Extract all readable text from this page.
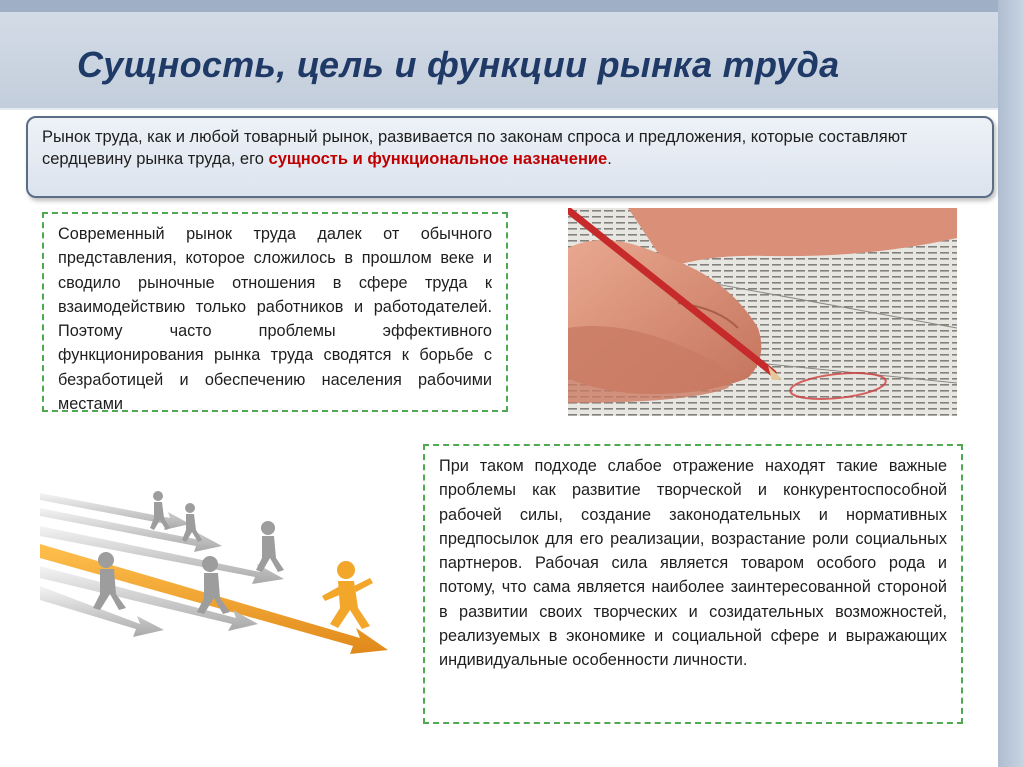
Сущность, цель и функции рынка труда
Рынок труда, как и любой товарный рынок, развивается по законам спроса и предложения, которые составляют сердцевину рынка труда, его сущность и функциональное назначение.
Современный рынок труда далек от обычного представления, которое сложилось в прошлом веке и сводило рыночные отношения в сфере труда к взаимодействию только работников и работодателей. Поэтому часто проблемы эффективного функционирования рынка труда сводятся к борьбе с безработицей и обеспечению населения рабочими местами
При таком подходе слабое отражение находят такие важные проблемы как развитие творческой и конкурентоспособной рабочей силы, создание законодательных и нормативных предпосылок для его реализации, возрастание роли социальных партнеров. Рабочая сила является товаром особого рода и потому, что сама является наиболее заинтересованной стороной в развитии своих творческих и созидательных возможностей, реализуемых в экономике и социальной сфере и выражающих индивидуальные особенности личности.
